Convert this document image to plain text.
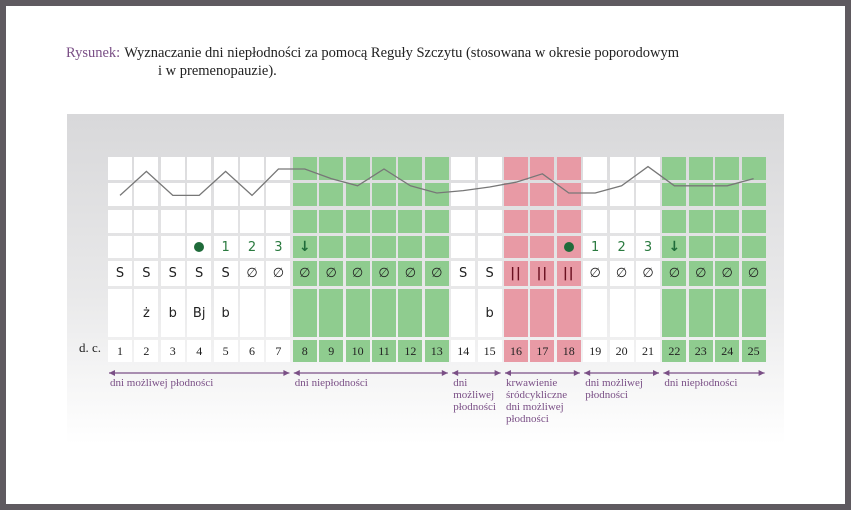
Rysunek: Wyznaczanie dni niepłodności za pomocą Reguły Szczytu (stosowana w okresie poporodowym
i w premenopauzie).
d. c.
S
1
S
ż
2
S
b
3
S
Bj
4
1
S
b
5
2
∅
6
3
∅
7
↓
∅
8
∅
9
∅
10
∅
11
∅
12
∅
13
S
14
S
b
15
||
16
||
17
||
18
1
∅
19
2
∅
20
3
∅
21
↓
∅
22
∅
23
∅
24
∅
25
dni możliwej płodności	dni niepłodności	dni
możliwej
płodności
krwawienie
śródcykliczne
dni możliwej
płodności
dni możliwej
płodności
dni niepłodności
